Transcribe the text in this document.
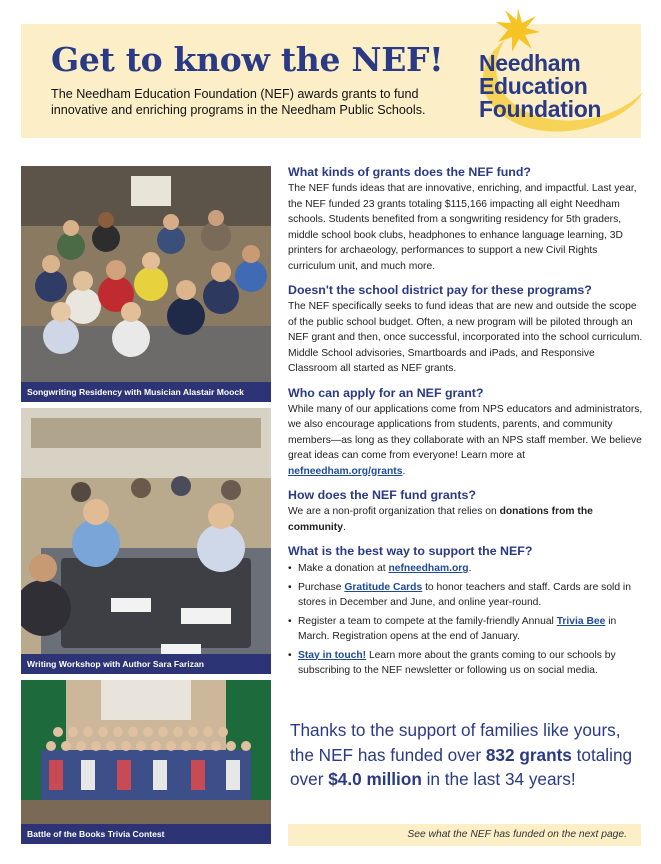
Get to know the NEF!

The Needham Education Foundation (NEF) awards grants to fund innovative and enriching programs in the Needham Public Schools.

Needham
Education
Foundation
Songwriting Residency with Musician Alastair Moock
Writing Workshop with Author Sara Farizan
Battle of the Books Trivia Contest

What kinds of grants does the NEF fund?

The NEF funds ideas that are innovative, enriching, and impactful. Last year, the NEF funded 23 grants totaling $115,166 impacting all eight Needham schools. Students benefited from a songwriting residency for 5th graders, middle school book clubs, headphones to enhance language learning, 3D printers for archaeology, performances to support a new Civil Rights curriculum unit, and much more.

Doesn't the school district pay for these programs?

The NEF specifically seeks to fund ideas that are new and outside the scope of the public school budget. Often, a new program will be piloted through an NEF grant and then, once successful, incorporated into the school curriculum. Middle School advisories, Smartboards and iPads, and Responsive Classroom all started as NEF grants.

Who can apply for an NEF grant?

While many of our applications come from NPS educators and administrators, we also encourage applications from students, parents, and community members—as long as they collaborate with an NPS staff member. We believe great ideas can come from everyone! Learn more at nefneedham.org/grants.

How does the NEF fund grants?

We are a non-profit organization that relies on donations from the community.

What is the best way to support the NEF?

• Make a donation at nefneedham.org.
• Purchase Gratitude Cards to honor teachers and staff. Cards are sold in stores in December and June, and online year-round.
• Register a team to compete at the family-friendly Annual Trivia Bee in March. Registration opens at the end of January.
• Stay in touch! Learn more about the grants coming to our schools by subscribing to the NEF newsletter or following us on social media.
Thanks to the support of families like yours, the NEF has funded over 832 grants totaling over $4.0 million in the last 34 years!
See what the NEF has funded on the next page.
